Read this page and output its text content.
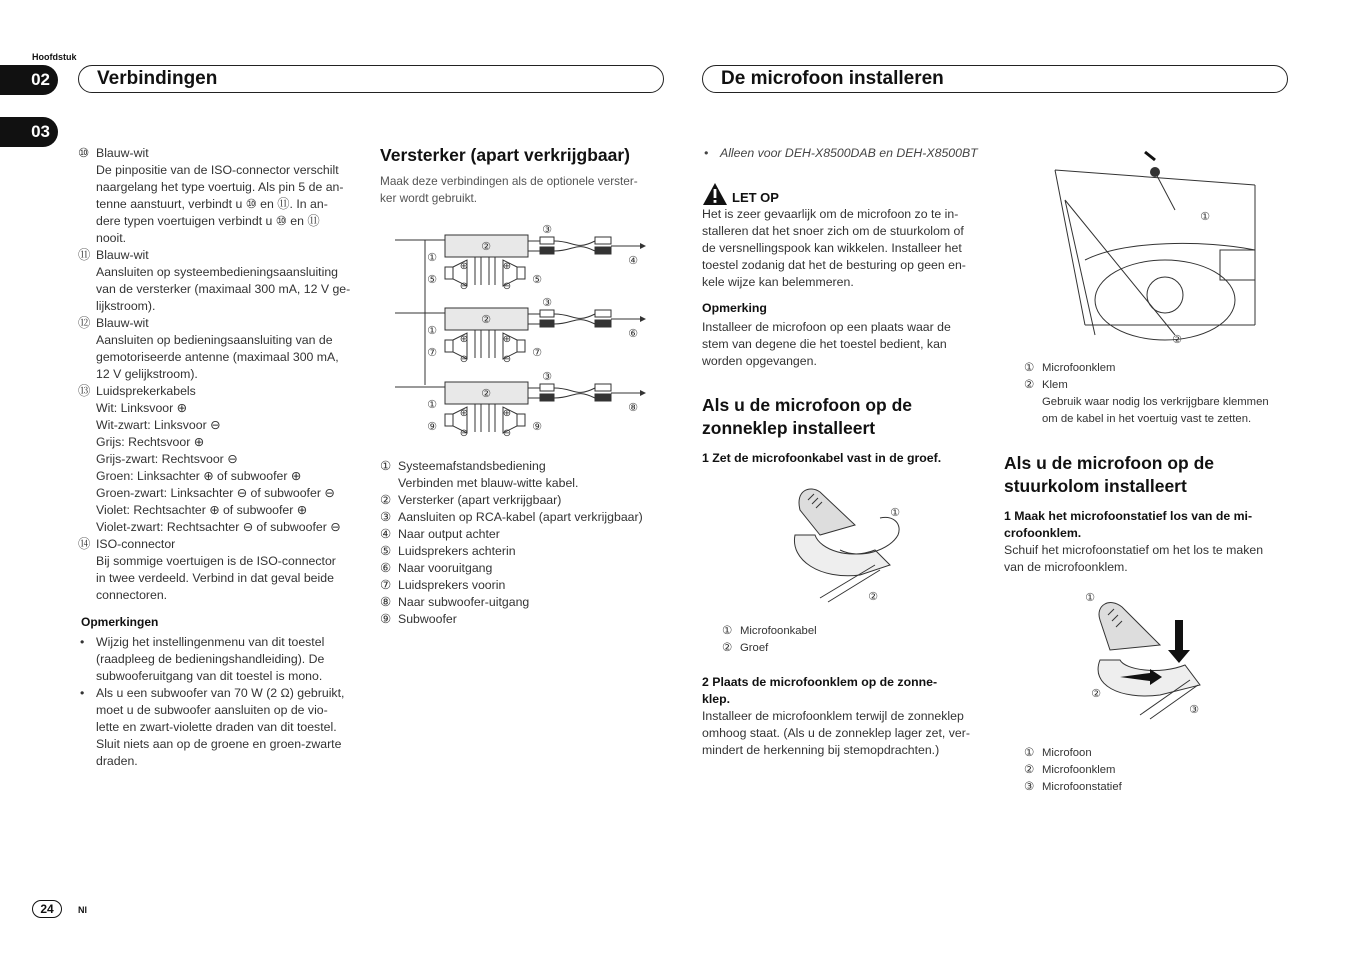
Hoofdstuk
02
03
Verbindingen	De microfoon installeren
⑩ Blauw-wit
De pinpositie van de ISO-connector verschilt
naargelang het type voertuig. Als pin 5 de an-
tenne aanstuurt, verbindt u ⑩ en ⑪. In an-
dere typen voertuigen verbindt u ⑩ en ⑪
nooit.
⑪ Blauw-wit
Aansluiten op systeembedieningsaansluiting
van de versterker (maximaal 300 mA, 12 V ge-
lijkstroom).
⑫ Blauw-wit
Aansluiten op bedieningsaansluiting van de
gemotoriseerde antenne (maximaal 300 mA,
12 V gelijkstroom).
⑬ Luidsprekerkabels
Wit: Linksvoor ⊕
Wit-zwart: Linksvoor ⊖
Grijs: Rechtsvoor ⊕
Grijs-zwart: Rechtsvoor ⊖
Groen: Linksachter ⊕ of subwoofer ⊕
Groen-zwart: Linksachter ⊖ of subwoofer ⊖
Violet: Rechtsachter ⊕ of subwoofer ⊕
Violet-zwart: Rechtsachter ⊖ of subwoofer ⊖
⑭ ISO-connector
Bij sommige voertuigen is de ISO-connector
in twee verdeeld. Verbind in dat geval beide
connectoren.
Opmerkingen
• Wijzig het instellingenmenu van dit toestel
(raadpleeg de bedieningshandleiding). De
subwooferuitgang van dit toestel is mono.
• Als u een subwoofer van 70 W (2 Ω) gebruikt,
moet u de subwoofer aansluiten op de vio-
lette en zwart-violette draden van dit toestel.
Sluit niets aan op de groene en groen-zwarte
draden.
Versterker (apart verkrijgbaar)
Maak deze verbindingen als de optionele verster-
ker wordt gebruikt.
②
③
④
⊕	⊕
⊖	⊖
⑤	⑤
①
②
③
⑥
⊕	⊕
⊖	⊖
⑦	⑦
①
②
③
⑧
⊕	⊕
⊖	⊖
⑨	⑨
①
① Systeemafstandsbediening
Verbinden met blauw-witte kabel.
② Versterker (apart verkrijgbaar)
③ Aansluiten op RCA-kabel (apart verkrijgbaar)
④ Naar output achter
⑤ Luidsprekers achterin
⑥ Naar vooruitgang
⑦ Luidsprekers voorin
⑧ Naar subwoofer-uitgang
⑨ Subwoofer
• Alleen voor DEH-X8500DAB en DEH-X8500BT
LET OP
Het is zeer gevaarlijk om de microfoon zo te in-
stalleren dat het snoer zich om de stuurkolom of
de versnellingspook kan wikkelen. Installeer het
toestel zodanig dat het de besturing op geen en-
kele wijze kan belemmeren.
Opmerking
Installeer de microfoon op een plaats waar de
stem van degene die het toestel bedient, kan
worden opgevangen.
Als u de microfoon op de
zonneklep installeert
1 Zet de microfoonkabel vast in de groef.
①
②
① Microfoonkabel
② Groef
2 Plaats de microfoonklem op de zonne-
klep.
Installeer de microfoonklem terwijl de zonneklep
omhoog staat. (Als u de zonneklep lager zet, ver-
mindert de herkenning bij stemopdrachten.)
①
②
① Microfoonklem
② Klem
Gebruik waar nodig los verkrijgbare klemmen
om de kabel in het voertuig vast te zetten.
Als u de microfoon op de
stuurkolom installeert
1 Maak het microfoonstatief los van de mi-
crofoonklem.
Schuif het microfoonstatief om het los te maken
van de microfoonklem.
①
②
③
① Microfoon
② Microfoonklem
③ Microfoonstatief
24	Nl
